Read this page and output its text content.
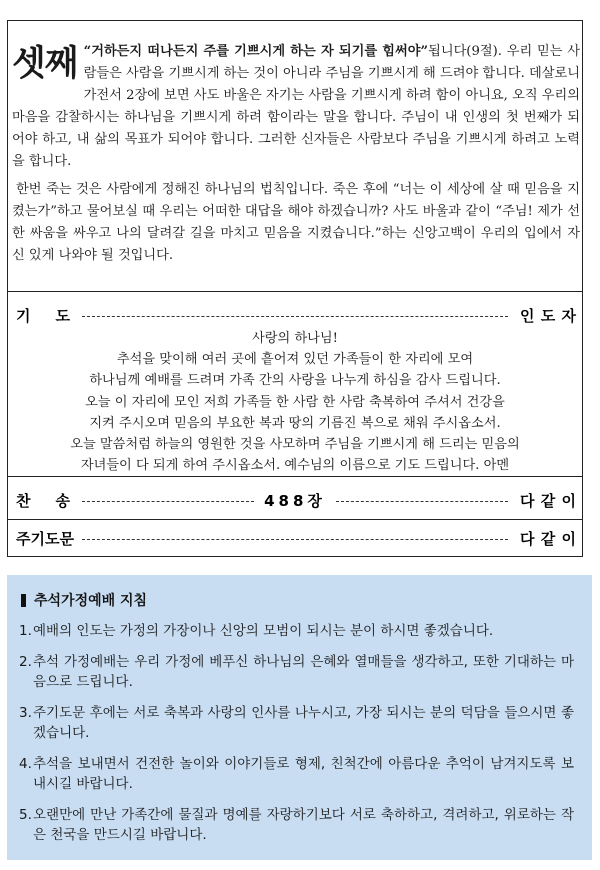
셋째 “거하든지 떠나든지 주를 기쁘시게 하는 자 되기를 힘써야”됩니다(9절). 우리 믿는 사람들은 사람을 기쁘시게 하는 것이 아니라 주님을 기쁘시게 해 드려야 합니다. 데살로니가전서 2장에 보면 사도 바울은 자기는 사람을 기쁘시게 하려 함이 아니요, 오직 우리의 마음을 감찰하시는 하나님을 기쁘시게 하려 함이라는 말을 합니다. 주님이 내 인생의 첫 번째가 되어야 하고, 내 삶의 목표가 되어야 합니다. 그러한 신자들은 사람보다 주님을 기쁘시게 하려고 노력을 합니다.

한번 죽는 것은 사람에게 정해진 하나님의 법칙입니다. 죽은 후에 “너는 이 세상에 살 때 믿음을 지켰는가”하고 물어보실 때 우리는 어떠한 대답을 해야 하겠습니까? 사도 바울과 같이 “주님! 제가 선한 싸움을 싸우고 나의 달려갈 길을 마치고 믿음을 지켰습니다.”하는 신앙고백이 우리의 입에서 자신 있게 나와야 될 것입니다.

기 도	인 도 자
사랑의 하나님!
추석을 맞이해 여러 곳에 흩어져 있던 가족들이 한 자리에 모여
하나님께 예배를 드려며 가족 간의 사랑을 나누게 하심을 감사 드립니다.
오늘 이 자리에 모인 저희 가족들 한 사람 한 사람 축복하여 주셔서 건강을
지켜 주시오며 믿음의 부요한 복과 땅의 기름진 복으로 채워 주시옵소서.
오늘 말씀처럼 하늘의 영원한 것을 사모하며 주님을 기쁘시게 해 드리는 믿음의
자녀들이 다 되게 하여 주시옵소서. 예수님의 이름으로 기도 드립니다. 아멘
찬 송	488장	다 같 이
주기도문	다 같 이
추석가정예배 지침
1. 예배의 인도는 가정의 가장이나 신앙의 모범이 되시는 분이 하시면 좋겠습니다.
2. 추석 가정예배는 우리 가정에 베푸신 하나님의 은혜와 열매들을 생각하고, 또한 기대하는 마음으로 드립니다.
3. 주기도문 후에는 서로 축복과 사랑의 인사를 나누시고, 가장 되시는 분의 덕담을 들으시면 좋겠습니다.
4. 추석을 보내면서 건전한 놀이와 이야기들로 형제, 친척간에 아름다운 추억이 남겨지도록 보내시길 바랍니다.
5. 오랜만에 만난 가족간에 물질과 명예를 자랑하기보다 서로 축하하고, 격려하고, 위로하는 작은 천국을 만드시길 바랍니다.
